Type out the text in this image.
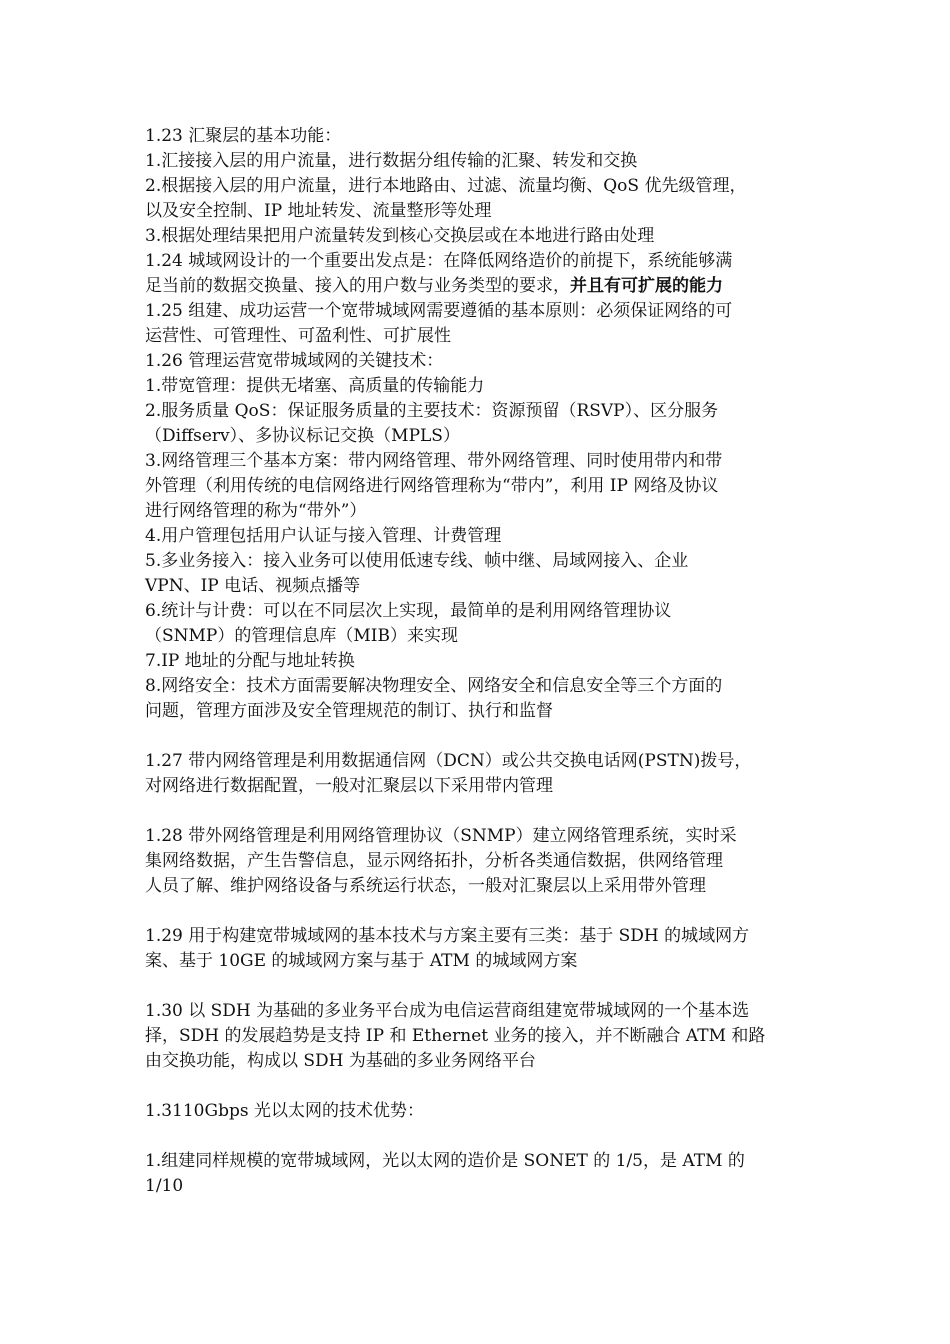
1.23 汇聚层的基本功能：
1.汇接接入层的用户流量，进行数据分组传输的汇聚、转发和交换
2.根据接入层的用户流量，进行本地路由、过滤、流量均衡、QoS 优先级管理，
以及安全控制、IP 地址转发、流量整形等处理
3.根据处理结果把用户流量转发到核心交换层或在本地进行路由处理
1.24 城域网设计的一个重要出发点是：在降低网络造价的前提下，系统能够满
足当前的数据交换量、接入的用户数与业务类型的要求，并且有可扩展的能力
1.25 组建、成功运营一个宽带城域网需要遵循的基本原则：必须保证网络的可
运营性、可管理性、可盈利性、可扩展性
1.26 管理运营宽带城域网的关键技术：
1.带宽管理：提供无堵塞、高质量的传输能力
2.服务质量 QoS：保证服务质量的主要技术：资源预留（RSVP）、区分服务
（Diffserv）、多协议标记交换（MPLS）
3.网络管理三个基本方案：带内网络管理、带外网络管理、同时使用带内和带
外管理（利用传统的电信网络进行网络管理称为“带内”，利用 IP 网络及协议
进行网络管理的称为“带外”）
4.用户管理包括用户认证与接入管理、计费管理
5.多业务接入：接入业务可以使用低速专线、帧中继、局域网接入、企业
VPN、IP 电话、视频点播等
6.统计与计费：可以在不同层次上实现，最简单的是利用网络管理协议
（SNMP）的管理信息库（MIB）来实现
7.IP 地址的分配与地址转换
8.网络安全：技术方面需要解决物理安全、网络安全和信息安全等三个方面的
问题，管理方面涉及安全管理规范的制订、执行和监督
1.27 带内网络管理是利用数据通信网（DCN）或公共交换电话网(PSTN)拨号，
对网络进行数据配置，一般对汇聚层以下采用带内管理
1.28 带外网络管理是利用网络管理协议（SNMP）建立网络管理系统，实时采
集网络数据，产生告警信息，显示网络拓扑，分析各类通信数据，供网络管理
人员了解、维护网络设备与系统运行状态，一般对汇聚层以上采用带外管理
1.29 用于构建宽带城域网的基本技术与方案主要有三类：基于 SDH 的城域网方
案、基于 10GE 的城域网方案与基于 ATM 的城域网方案
1.30 以 SDH 为基础的多业务平台成为电信运营商组建宽带城域网的一个基本选
择，SDH 的发展趋势是支持 IP 和 Ethernet 业务的接入，并不断融合 ATM 和路
由交换功能，构成以 SDH 为基础的多业务网络平台
1.3110Gbps 光以太网的技术优势：
1.组建同样规模的宽带城域网，光以太网的造价是 SONET 的 1/5，是 ATM 的
1/10
